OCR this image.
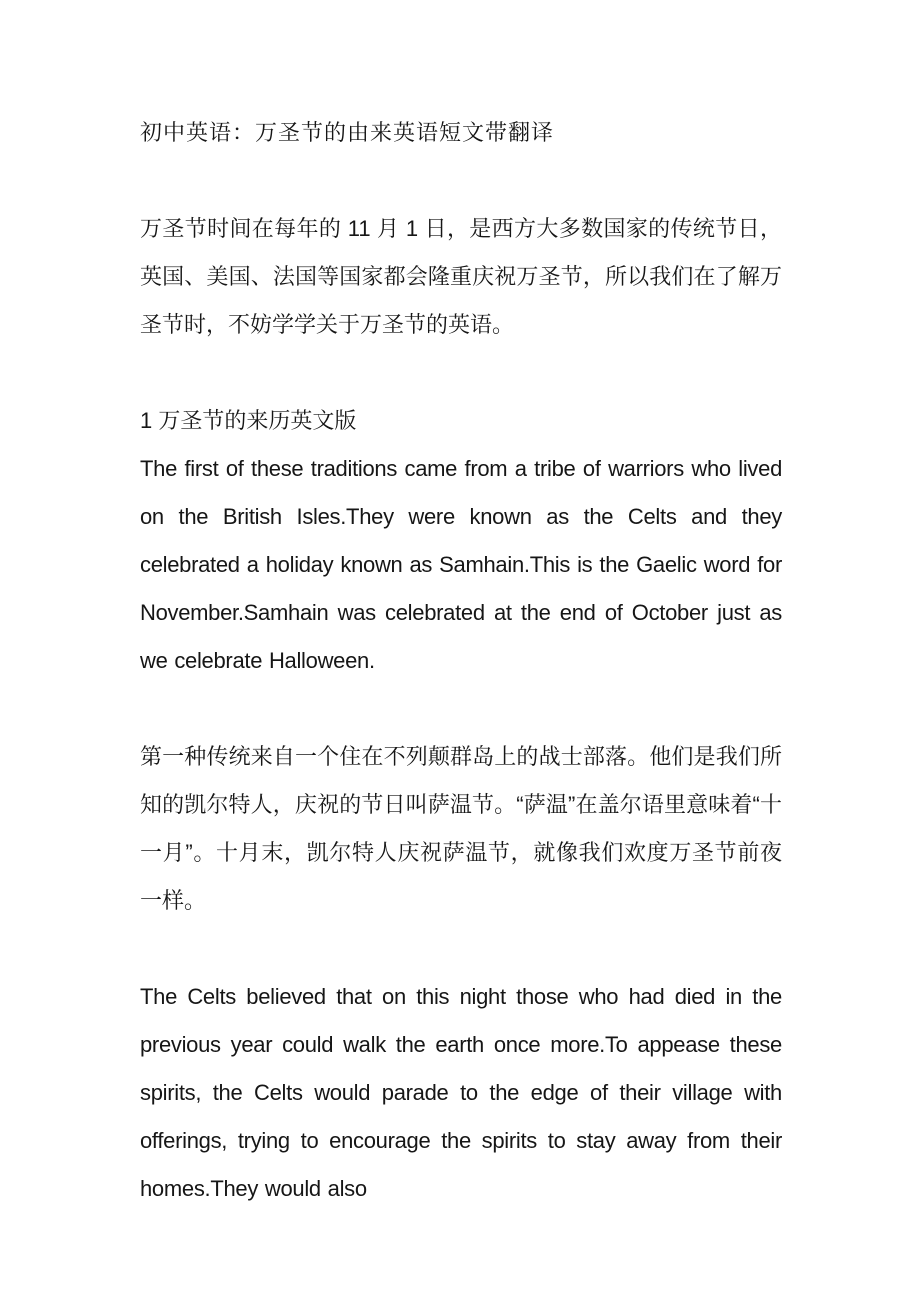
初中英语：万圣节的由来英语短文带翻译

万圣节时间在每年的 11 月 1 日，是西方大多数国家的传统节日，英国、美国、法国等国家都会隆重庆祝万圣节，所以我们在了解万圣节时，不妨学学关于万圣节的英语。

1 万圣节的来历英文版

The first of these traditions came from a tribe of warriors who lived on the British Isles.They were known as the Celts and they celebrated a holiday known as Samhain.This is the Gaelic word for November.Samhain was celebrated at the end of October just as we celebrate Halloween.

第一种传统来自一个住在不列颠群岛上的战士部落。他们是我们所知的凯尔特人，庆祝的节日叫萨温节。“萨温”在盖尔语里意味着“十一月”。十月末，凯尔特人庆祝萨温节，就像我们欢度万圣节前夜一样。

The Celts believed that on this night those who had died in the previous year could walk the earth once more.To appease these spirits, the Celts would parade to the edge of their village with offerings, trying to encourage the spirits to stay away from their homes.They would also
